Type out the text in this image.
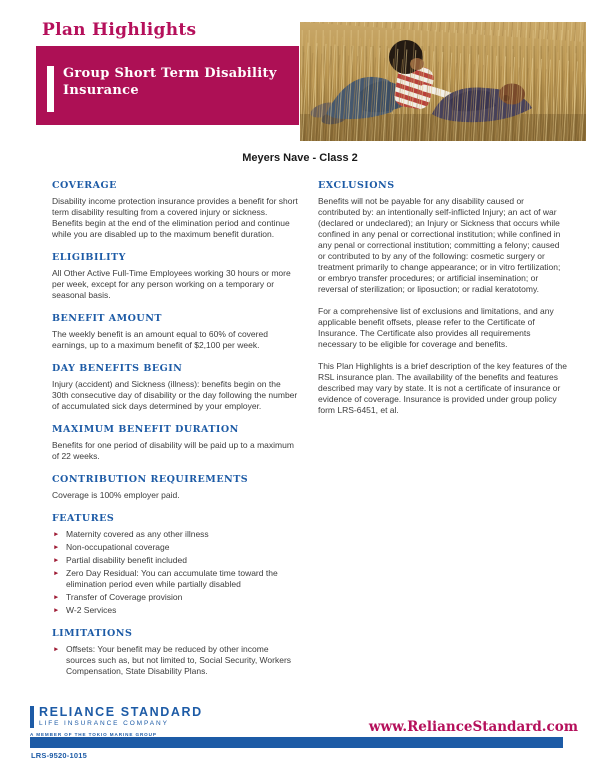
Plan Highlights
Group Short Term Disability
Insurance
Meyers Nave - Class 2
COVERAGE

Disability income protection insurance provides a benefit for short term disability resulting from a covered injury or sickness. Benefits begin at the end of the elimination period and continue while you are disabled up to the maximum benefit duration.

ELIGIBILITY

All Other Active Full-Time Employees working 30 hours or more per week, except for any person working on a temporary or seasonal basis.

BENEFIT AMOUNT

The weekly benefit is an amount equal to 60% of covered earnings, up to a maximum benefit of $2,100 per week.

DAY BENEFITS BEGIN

Injury (accident) and Sickness (illness): benefits begin on the 30th consecutive day of disability or the day following the number of accumulated sick days determined by your employer.

MAXIMUM BENEFIT DURATION

Benefits for one period of disability will be paid up to a maximum of 22 weeks.

CONTRIBUTION REQUIREMENTS

Coverage is 100% employer paid.

FEATURES
► Maternity covered as any other illness
► Non-occupational coverage
► Partial disability benefit included
► Zero Day Residual: You can accumulate time toward the elimination period even while partially disabled
► Transfer of Coverage provision
► W-2 Services
LIMITATIONS
► Offsets: Your benefit may be reduced by other income sources such as, but not limited to, Social Security, Workers Compensation, State Disability Plans.
EXCLUSIONS

Benefits will not be payable for any disability caused or contributed by: an intentionally self-inflicted Injury; an act of war (declared or undeclared); an Injury or Sickness that occurs while confined in any penal or correctional institution; while confined in any penal or correctional institution; committing a felony; caused or contributed to by any of the following: cosmetic surgery or treatment primarily to change appearance; or in vitro fertilization; or embryo transfer procedures; or artificial insemination; or reversal of sterilization; or liposuction; or radial keratotomy.

For a comprehensive list of exclusions and limitations, and any applicable benefit offsets, please refer to the Certificate of Insurance. The Certificate also provides all requirements necessary to be eligible for coverage and benefits.

This Plan Highlights is a brief description of the key features of the RSL insurance plan. The availability of the benefits and features described may vary by state. It is not a certificate of insurance or evidence of coverage. Insurance is provided under group policy form LRS-6451, et al.

RELIANCE STANDARD
LIFE INSURANCE COMPANY
A MEMBER OF THE TOKIO MARINE GROUP	www.RelianceStandard.com
LRS-9520-1015
